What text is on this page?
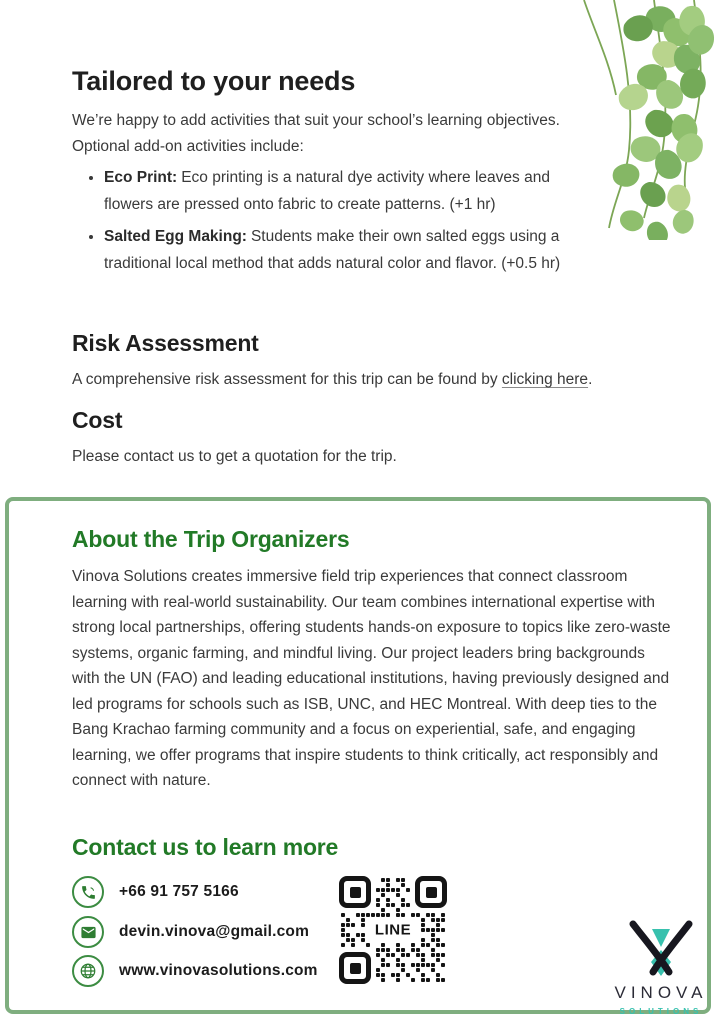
Tailored to your needs

We’re happy to add activities that suit your school’s learning objectives. Optional add-on activities include:

• Eco Print: Eco printing is a natural dye activity where leaves and flowers are pressed onto fabric to create patterns. (+1 hr)
• Salted Egg Making: Students make their own salted eggs using a traditional local method that adds natural color and flavor. (+0.5 hr)
Risk Assessment

A comprehensive risk assessment for this trip can be found by clicking here.

Cost

Please contact us to get a quotation for the trip.

About the Trip Organizers

Vinova Solutions creates immersive field trip experiences that connect classroom learning with real-world sustainability. Our team combines international expertise with strong local partnerships, offering students hands-on exposure to topics like zero-waste systems, organic farming, and mindful living. Our project leaders bring backgrounds with the UN (FAO) and leading educational institutions, having previously designed and led programs for schools such as ISB, UNC, and HEC Montreal. With deep ties to the Bang Krachao farming community and a focus on experiential, safe, and engaging learning, we offer programs that inspire students to think critically, act responsibly and connect with nature.

Contact us to learn more
+66 91 757 5166
devin.vinova@gmail.com
www.vinovasolutions.com
LINE
VINOVA
SOLUTIONS
